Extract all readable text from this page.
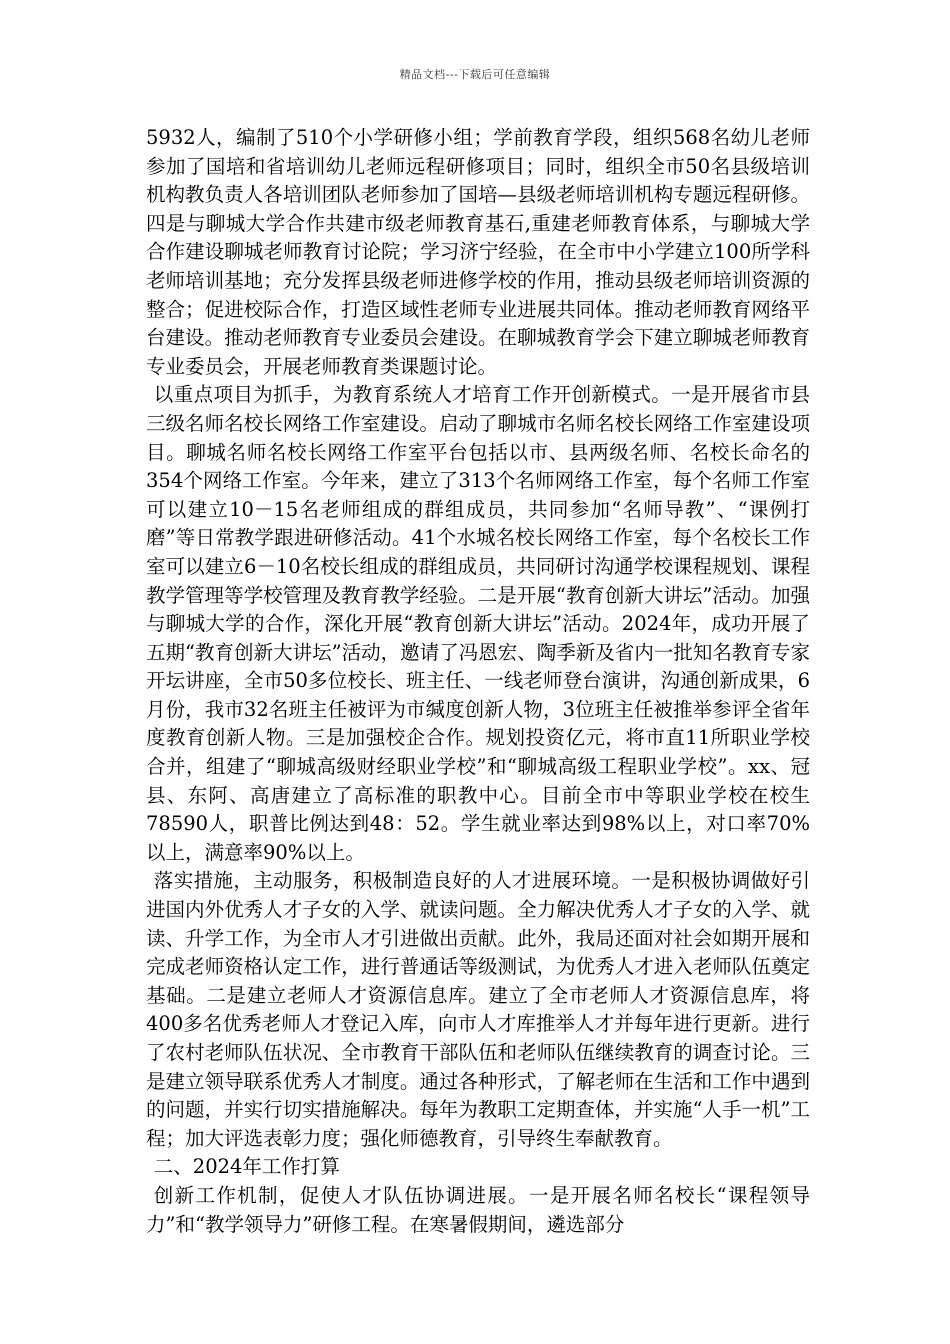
精品文档---下载后可任意编辑

5932人，编制了510个小学研修小组；学前教育学段，组织568名幼儿老师参加了国培和省培训幼儿老师远程研修项目；同时，组织全市50名县级培训机构教负责人各培训团队老师参加了国培—县级老师培训机构专题远程研修。四是与聊城大学合作共建市级老师教育基石,重建老师教育体系，与聊城大学合作建设聊城老师教育讨论院；学习济宁经验，在全市中小学建立100所学科老师培训基地；充分发挥县级老师进修学校的作用，推动县级老师培训资源的整合；促进校际合作，打造区域性老师专业进展共同体。推动老师教育网络平台建设。推动老师教育专业委员会建设。在聊城教育学会下建立聊城老师教育专业委员会，开展老师教育类课题讨论。

以重点项目为抓手，为教育系统人才培育工作开创新模式。一是开展省市县三级名师名校长网络工作室建设。启动了聊城市名师名校长网络工作室建设项目。聊城名师名校长网络工作室平台包括以市、县两级名师、名校长命名的354个网络工作室。今年来，建立了313个名师网络工作室，每个名师工作室可以建立10－15名老师组成的群组成员，共同参加“名师导教”、“课例打磨”等日常教学跟进研修活动。41个水城名校长网络工作室，每个名校长工作室可以建立6－10名校长组成的群组成员，共同研讨沟通学校课程规划、课程教学管理等学校管理及教育教学经验。二是开展“教育创新大讲坛”活动。加强与聊城大学的合作，深化开展“教育创新大讲坛”活动。2024年，成功开展了五期“教育创新大讲坛”活动，邀请了冯恩宏、陶季新及省内一批知名教育专家开坛讲座，全市50多位校长、班主任、一线老师登台演讲，沟通创新成果，6月份，我市32名班主任被评为市缄度创新人物，3位班主任被推举参评全省年度教育创新人物。三是加强校企合作。规划投资亿元，将市直11所职业学校合并，组建了“聊城高级财经职业学校”和“聊城高级工程职业学校”。xx、冠县、东阿、高唐建立了高标准的职教中心。目前全市中等职业学校在校生78590人，职普比例达到48：52。学生就业率达到98%以上，对口率70%以上，满意率90%以上。

落实措施，主动服务，积极制造良好的人才进展环境。一是积极协调做好引进国内外优秀人才子女的入学、就读问题。全力解决优秀人才子女的入学、就读、升学工作，为全市人才引进做出贡献。此外，我局还面对社会如期开展和完成老师资格认定工作，进行普通话等级测试，为优秀人才进入老师队伍奠定基础。二是建立老师人才资源信息库。建立了全市老师人才资源信息库，将400多名优秀老师人才登记入库，向市人才库推举人才并每年进行更新。进行了农村老师队伍状况、全市教育干部队伍和老师队伍继续教育的调查讨论。三是建立领导联系优秀人才制度。通过各种形式，了解老师在生活和工作中遇到的问题，并实行切实措施解决。每年为教职工定期查体，并实施“人手一机”工程；加大评选表彰力度；强化师德教育，引导终生奉献教育。

二、2024年工作打算

创新工作机制，促使人才队伍协调进展。一是开展名师名校长“课程领导力”和“教学领导力”研修工程。在寒暑假期间，遴选部分
